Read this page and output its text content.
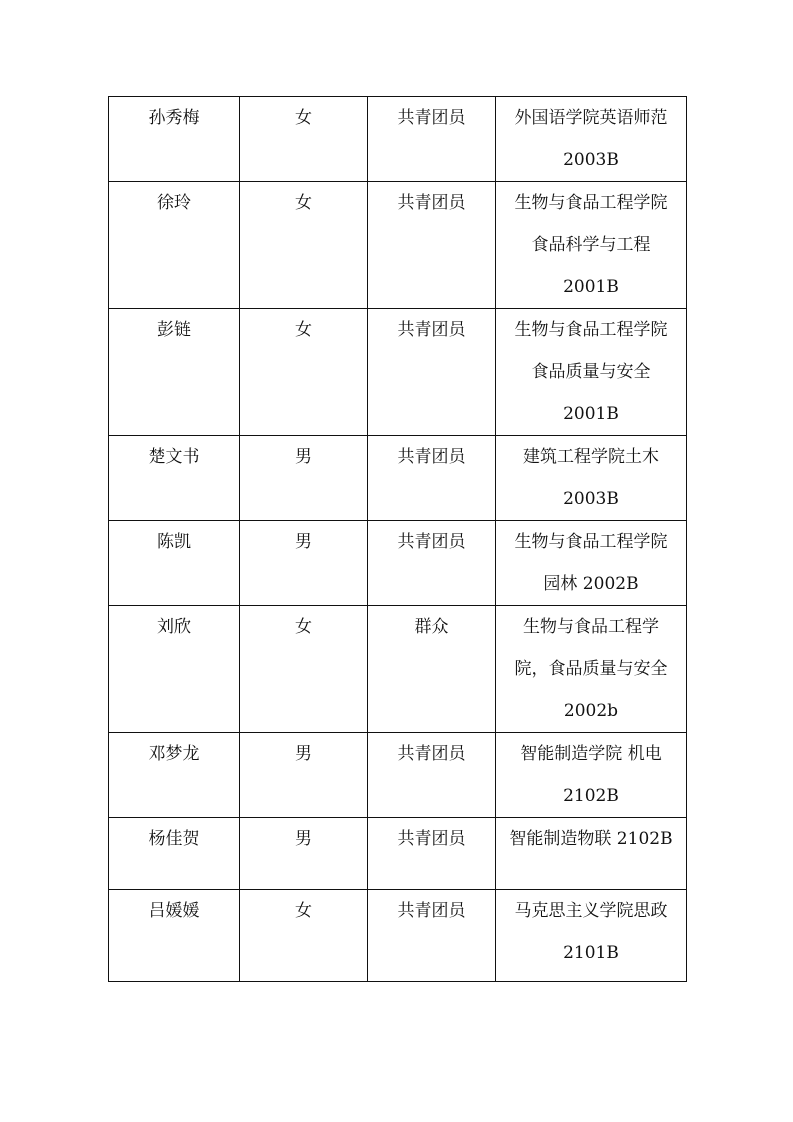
孙秀梅	女	共青团员	外国语学院英语师范
2003B

徐玲	女	共青团员	生物与食品工程学院
食品科学与工程
2001B

彭链	女	共青团员	生物与食品工程学院
食品质量与安全
2001B

楚文书	男	共青团员	建筑工程学院土木
2003B

陈凯	男	共青团员	生物与食品工程学院
园林 2002B

刘欣	女	群众	生物与食品工程学
院，食品质量与安全
2002b

邓梦龙	男	共青团员	智能制造学院 机电
2102B

杨佳贺	男	共青团员	智能制造物联 2102B

吕媛媛	女	共青团员	马克思主义学院思政
2101B
